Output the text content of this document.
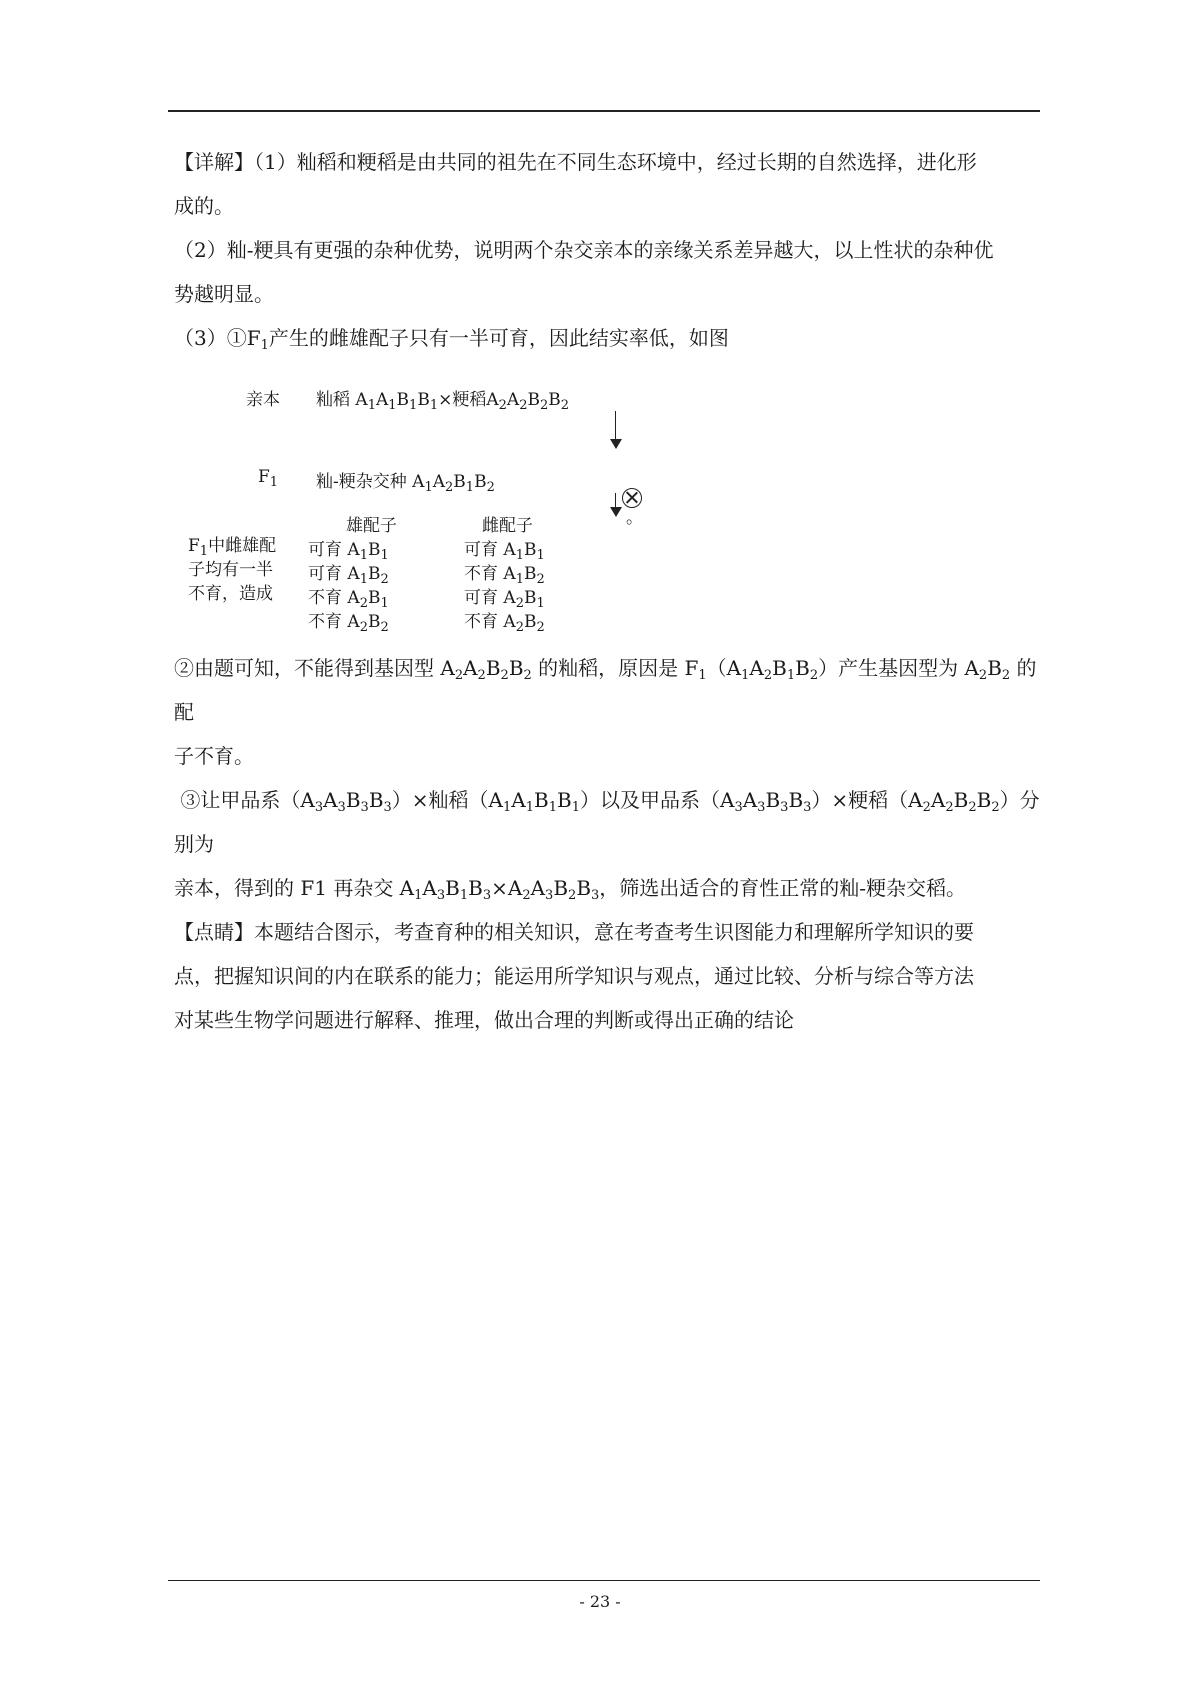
【详解】（1）籼稻和粳稻是由共同的祖先在不同生态环境中，经过长期的自然选择，进化形

成的。

（2）籼-粳具有更强的杂种优势，说明两个杂交亲本的亲缘关系差异越大，以上性状的杂种优

势越明显。

$(3)①F_1$产生的雌雄配子只有一半可育，因此结实率低，如图

亲本 籼稻 $A_1A_1B_1B_1\times$粳稻$A_2A_2B_2B_2$
$F_1$ 籼-粳杂交种 $A_1A_2B_1B_2$
雄配子	雌配子	。
$F_1$中雌雄配
子均有一半
不育，造成
可育 $A_1B_1$
可育 $A_1B_2$
不育 $A_2B_1$
不育 $A_2B_2$
可育 $A_1B_1$
不育 $A_1B_2$
可育 $A_2B_1$
不育 $A_2B_2$

②由题可知，不能得到基因型 $A_2A_2B_2B_2$ 的籼稻，原因是 $F_1(A_1A_2B_1B_2)$产生基因型为 $A_2B_2$ 的配

子不育。

③让甲品系$(A_3A_3B_3B_3)\times$籼稻$(A_1A_1B_1B_1)$以及甲品系$(A_3A_3B_3B_3)\times$粳稻$(A_2A_2B_2B_2)$分别为

亲本，得到的 F1 再杂交 $A_1A_3B_1B_3\times A_2A_3B_2B_3$，筛选出适合的育性正常的籼-粳杂交稻。

【点睛】本题结合图示，考查育种的相关知识，意在考查考生识图能力和理解所学知识的要

点，把握知识间的内在联系的能力；能运用所学知识与观点，通过比较、分析与综合等方法

对某些生物学问题进行解释、推理，做出合理的判断或得出正确的结论

- 23 -
